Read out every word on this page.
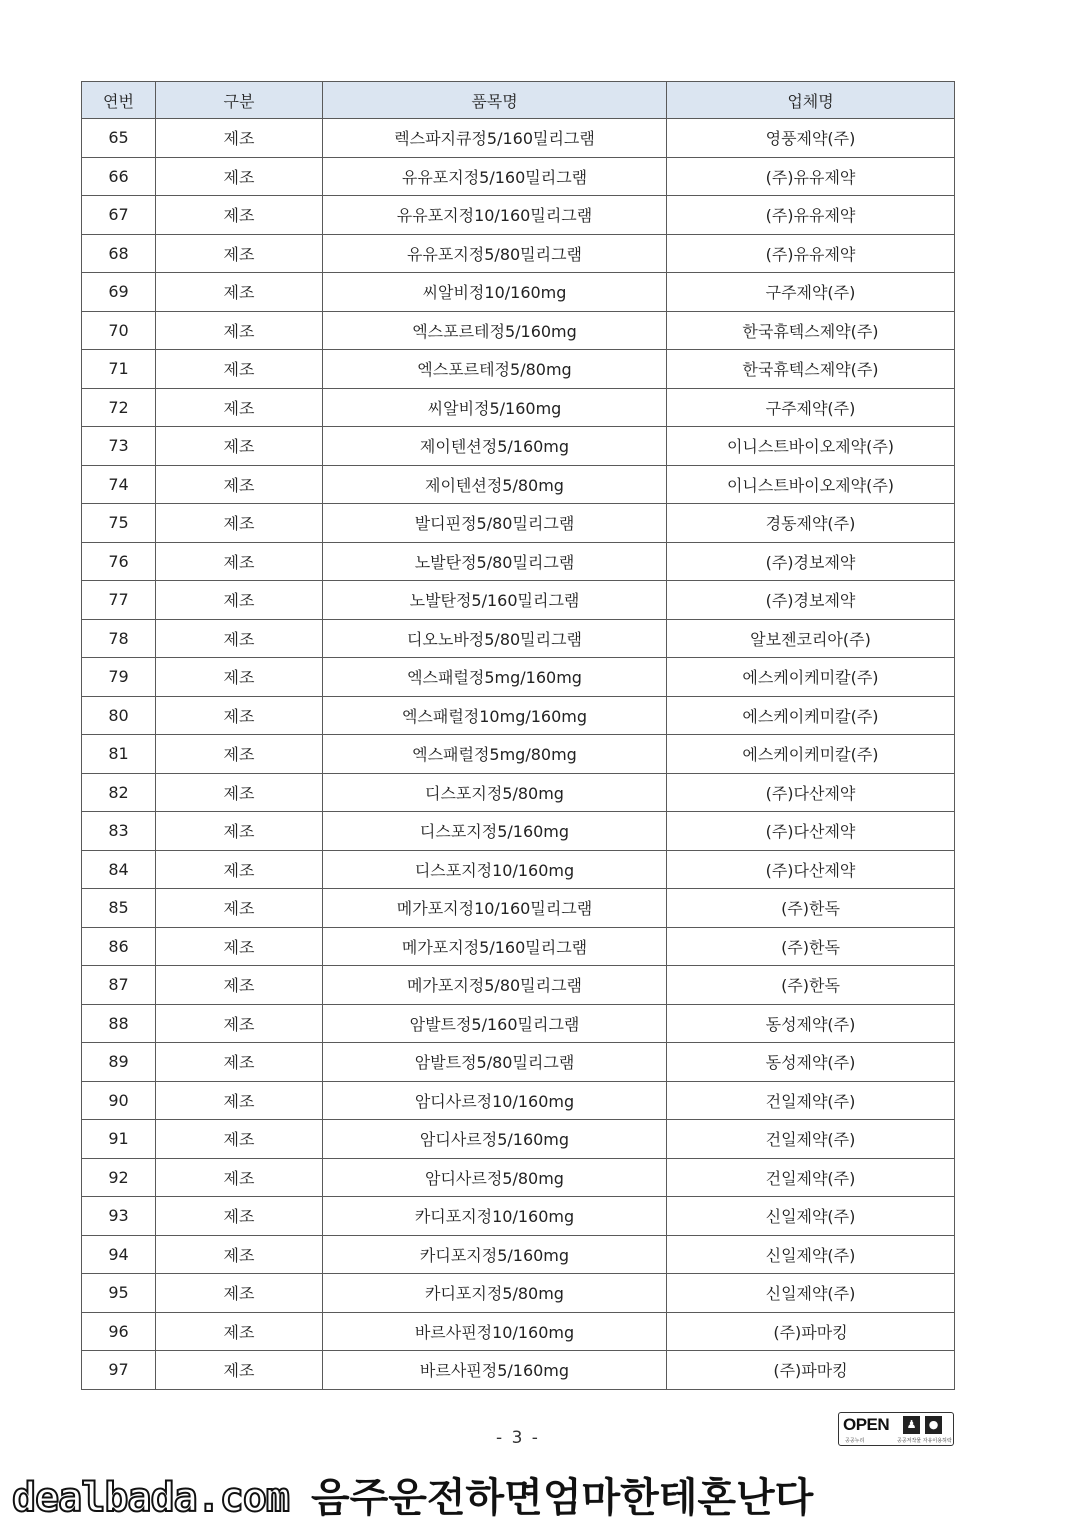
연번	구분	품목명	업체명
65	제조	렉스파지큐정5/160밀리그램	영풍제약(주)
66	제조	유유포지정5/160밀리그램	(주)유유제약
67	제조	유유포지정10/160밀리그램	(주)유유제약
68	제조	유유포지정5/80밀리그램	(주)유유제약
69	제조	씨알비정10/160mg	구주제약(주)
70	제조	엑스포르테정5/160mg	한국휴텍스제약(주)
71	제조	엑스포르테정5/80mg	한국휴텍스제약(주)
72	제조	씨알비정5/160mg	구주제약(주)
73	제조	제이텐션정5/160mg	이니스트바이오제약(주)
74	제조	제이텐션정5/80mg	이니스트바이오제약(주)
75	제조	발디핀정5/80밀리그램	경동제약(주)
76	제조	노발탄정5/80밀리그램	(주)경보제약
77	제조	노발탄정5/160밀리그램	(주)경보제약
78	제조	디오노바정5/80밀리그램	알보젠코리아(주)
79	제조	엑스패럴정5mg/160mg	에스케이케미칼(주)
80	제조	엑스패럴정10mg/160mg	에스케이케미칼(주)
81	제조	엑스패럴정5mg/80mg	에스케이케미칼(주)
82	제조	디스포지정5/80mg	(주)다산제약
83	제조	디스포지정5/160mg	(주)다산제약
84	제조	디스포지정10/160mg	(주)다산제약
85	제조	메가포지정10/160밀리그램	(주)한독
86	제조	메가포지정5/160밀리그램	(주)한독
87	제조	메가포지정5/80밀리그램	(주)한독
88	제조	암발트정5/160밀리그램	동성제약(주)
89	제조	암발트정5/80밀리그램	동성제약(주)
90	제조	암디사르정10/160mg	건일제약(주)
91	제조	암디사르정5/160mg	건일제약(주)
92	제조	암디사르정5/80mg	건일제약(주)
93	제조	카디포지정10/160mg	신일제약(주)
94	제조	카디포지정5/160mg	신일제약(주)
95	제조	카디포지정5/80mg	신일제약(주)
96	제조	바르사핀정10/160mg	(주)파마킹
97	제조	바르사핀정5/160mg	(주)파마킹
- 3 -
OPEN	♟	●
공공누리	공공저작물 자유이용허락
dealbada.com 음주운전하면엄마한테혼난다
